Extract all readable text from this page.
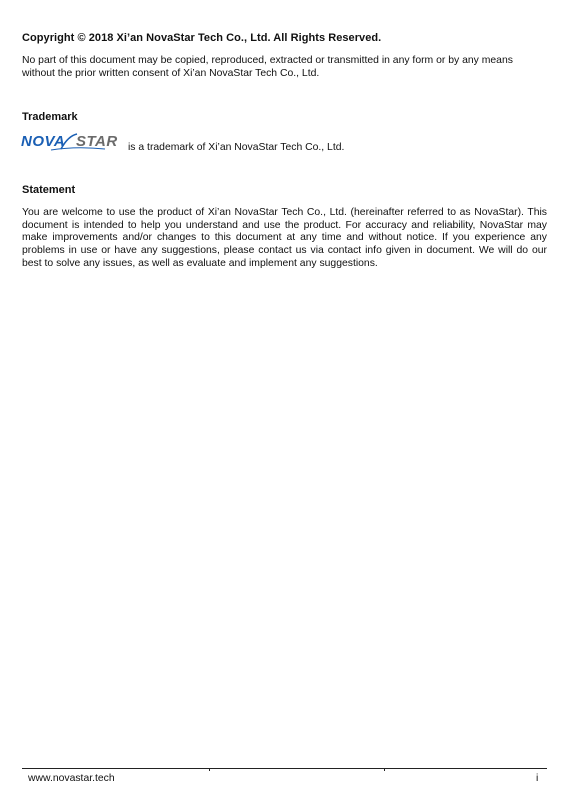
Copyright © 2018 Xi’an NovaStar Tech Co., Ltd. All Rights Reserved.

No part of this document may be copied, reproduced, extracted or transmitted in any form or by any means without the prior written consent of Xi’an NovaStar Tech Co., Ltd.

Trademark
NOVA STAR is a trademark of Xi’an NovaStar Tech Co., Ltd.
Statement

You are welcome to use the product of Xi’an NovaStar Tech Co., Ltd. (hereinafter referred to as NovaStar). This document is intended to help you understand and use the product. For accuracy and reliability, NovaStar may make improvements and/or changes to this document at any time and without notice. If you experience any problems in use or have any suggestions, please contact us via contact info given in document. We will do our best to solve any issues, as well as evaluate and implement any suggestions.

www.novastar.tech	i
